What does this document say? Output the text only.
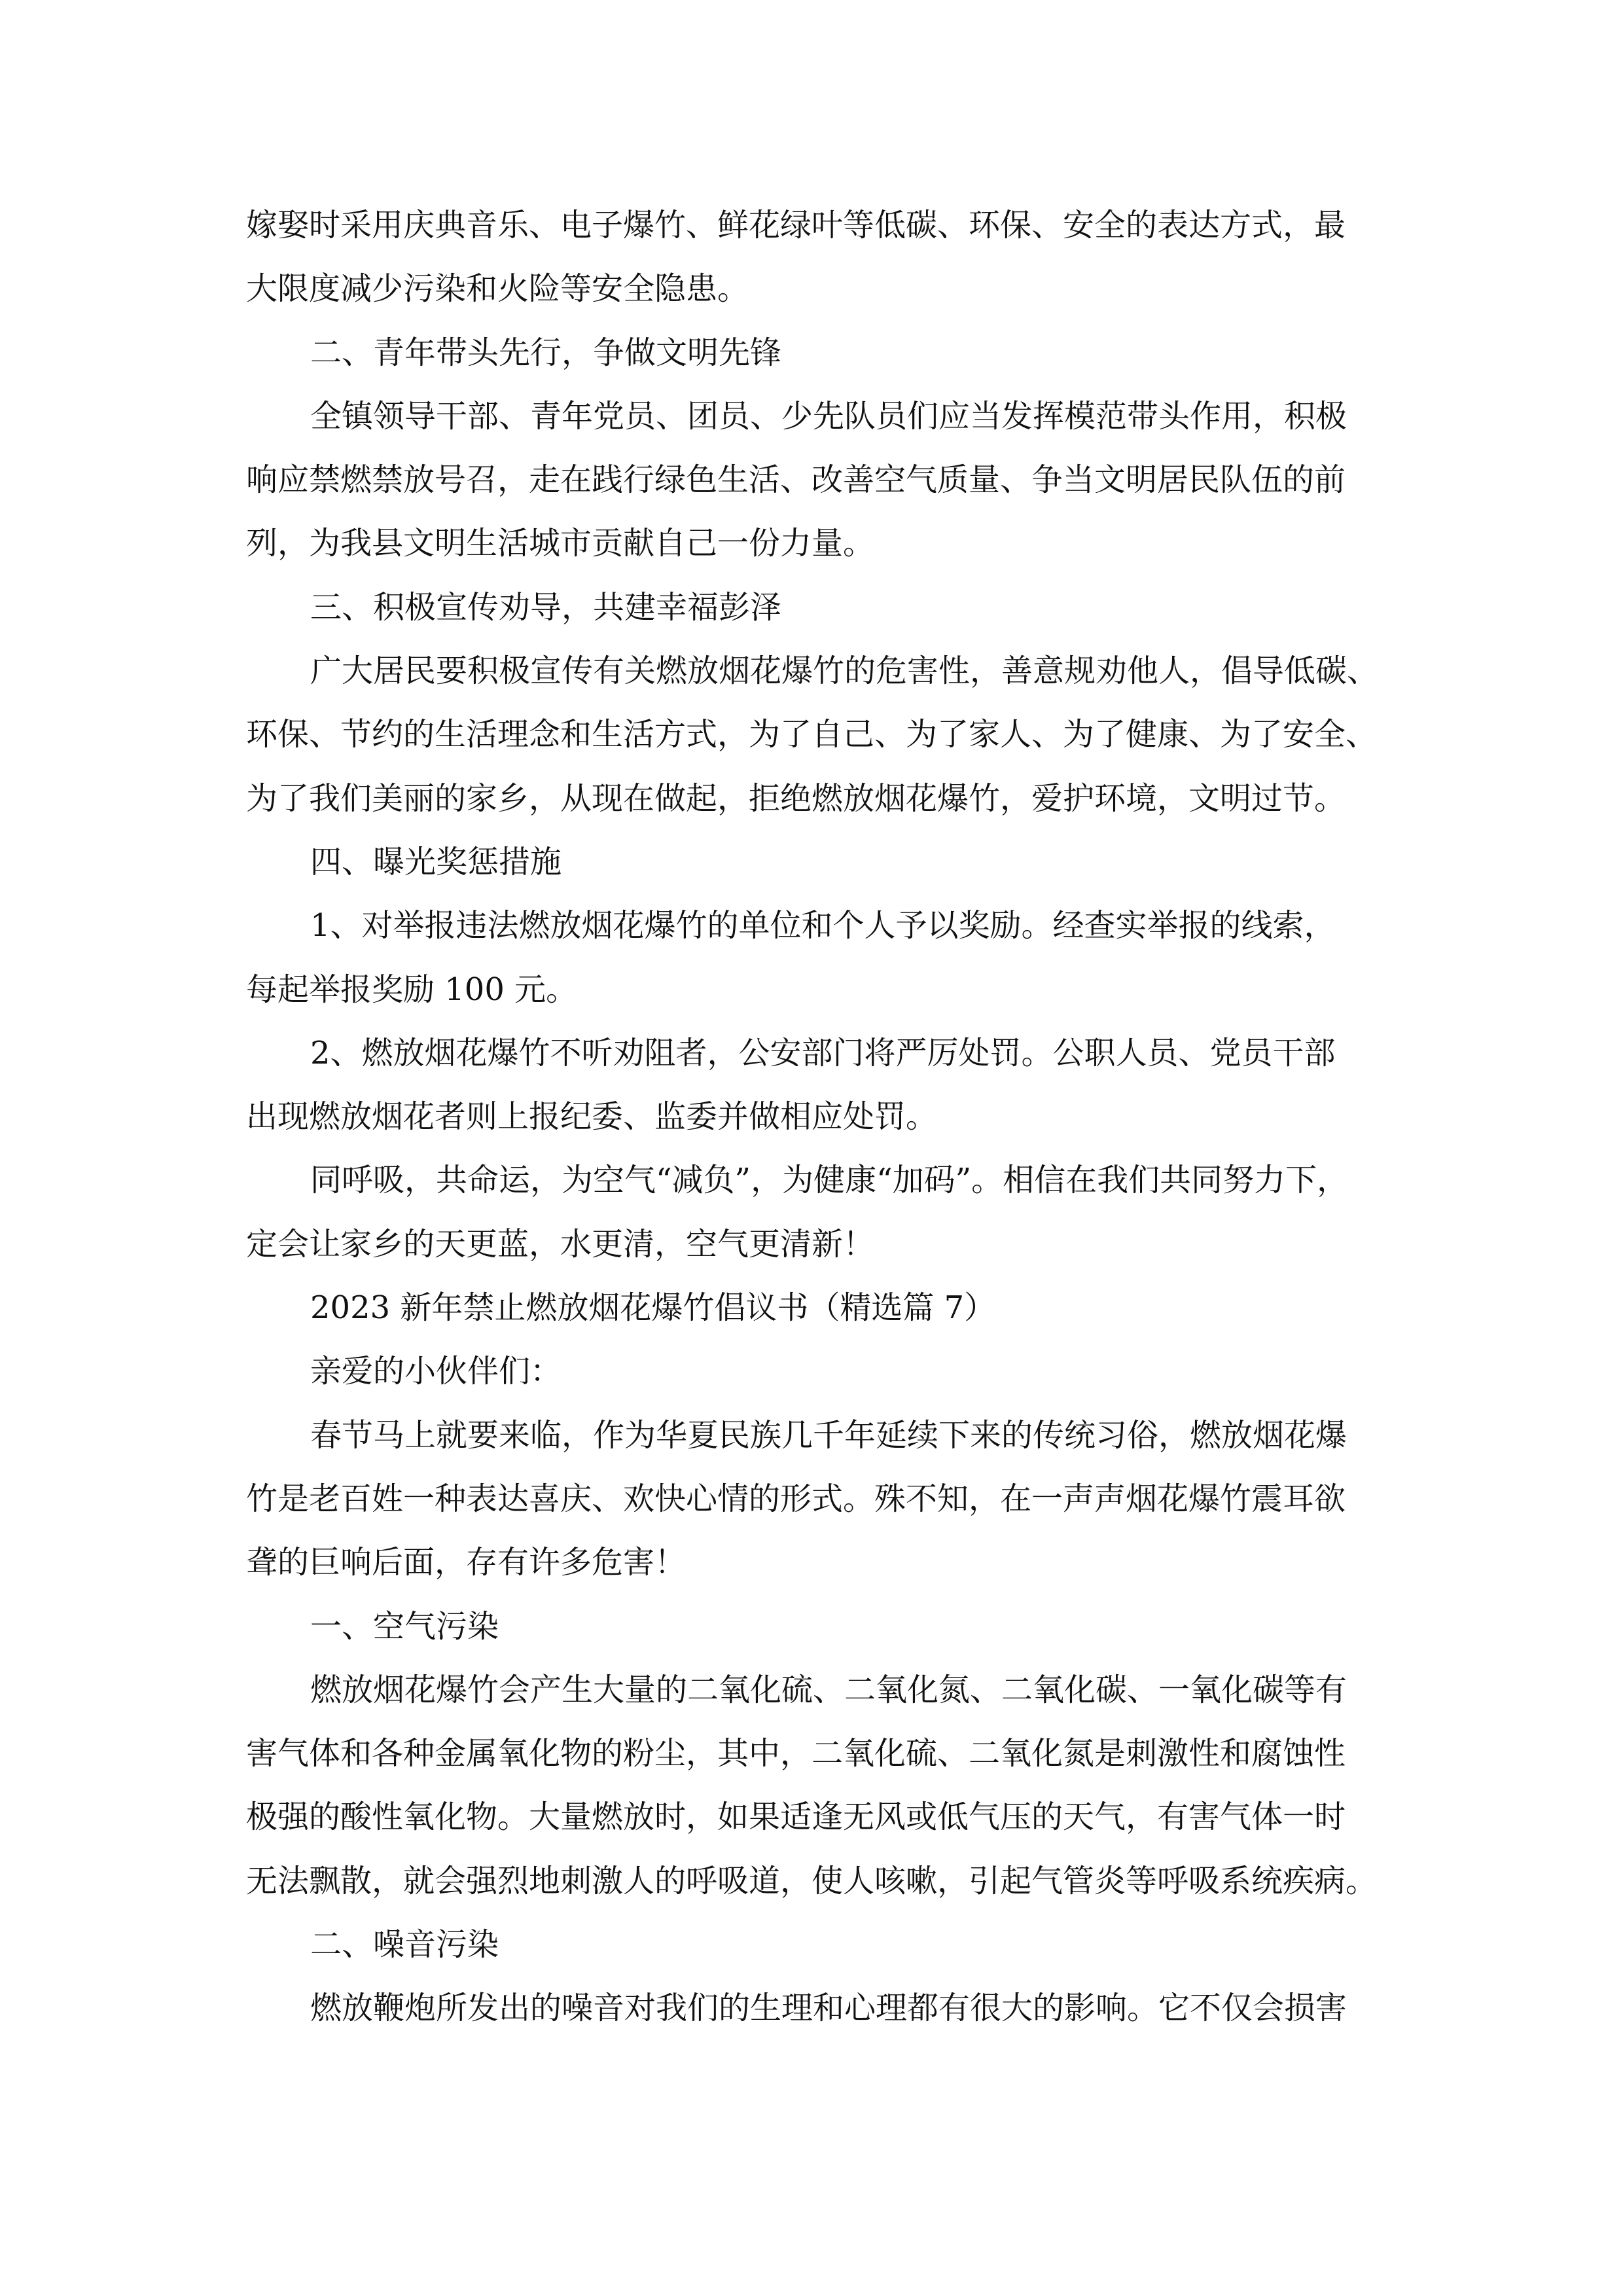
嫁娶时采用庆典音乐、电子爆竹、鲜花绿叶等低碳、环保、安全的表达方式，最

大限度减少污染和火险等安全隐患。

二、青年带头先行，争做文明先锋

全镇领导干部、青年党员、团员、少先队员们应当发挥模范带头作用，积极

响应禁燃禁放号召，走在践行绿色生活、改善空气质量、争当文明居民队伍的前

列，为我县文明生活城市贡献自己一份力量。

三、积极宣传劝导，共建幸福彭泽

广大居民要积极宣传有关燃放烟花爆竹的危害性，善意规劝他人，倡导低碳、

环保、节约的生活理念和生活方式，为了自己、为了家人、为了健康、为了安全、

为了我们美丽的家乡，从现在做起，拒绝燃放烟花爆竹，爱护环境，文明过节。

四、曝光奖惩措施

1、对举报违法燃放烟花爆竹的单位和个人予以奖励。经查实举报的线索，

每起举报奖励 100 元。

2、燃放烟花爆竹不听劝阻者，公安部门将严厉处罚。公职人员、党员干部

出现燃放烟花者则上报纪委、监委并做相应处罚。

同呼吸，共命运，为空气“减负”，为健康“加码”。相信在我们共同努力下，

定会让家乡的天更蓝，水更清，空气更清新！

2023 新年禁止燃放烟花爆竹倡议书（精选篇 7）

亲爱的小伙伴们：

春节马上就要来临，作为华夏民族几千年延续下来的传统习俗，燃放烟花爆

竹是老百姓一种表达喜庆、欢快心情的形式。殊不知，在一声声烟花爆竹震耳欲

聋的巨响后面，存有许多危害！

一、空气污染

燃放烟花爆竹会产生大量的二氧化硫、二氧化氮、二氧化碳、一氧化碳等有

害气体和各种金属氧化物的粉尘，其中，二氧化硫、二氧化氮是刺激性和腐蚀性

极强的酸性氧化物。大量燃放时，如果适逢无风或低气压的天气，有害气体一时

无法飘散，就会强烈地刺激人的呼吸道，使人咳嗽，引起气管炎等呼吸系统疾病。

二、噪音污染

燃放鞭炮所发出的噪音对我们的生理和心理都有很大的影响。它不仅会损害
